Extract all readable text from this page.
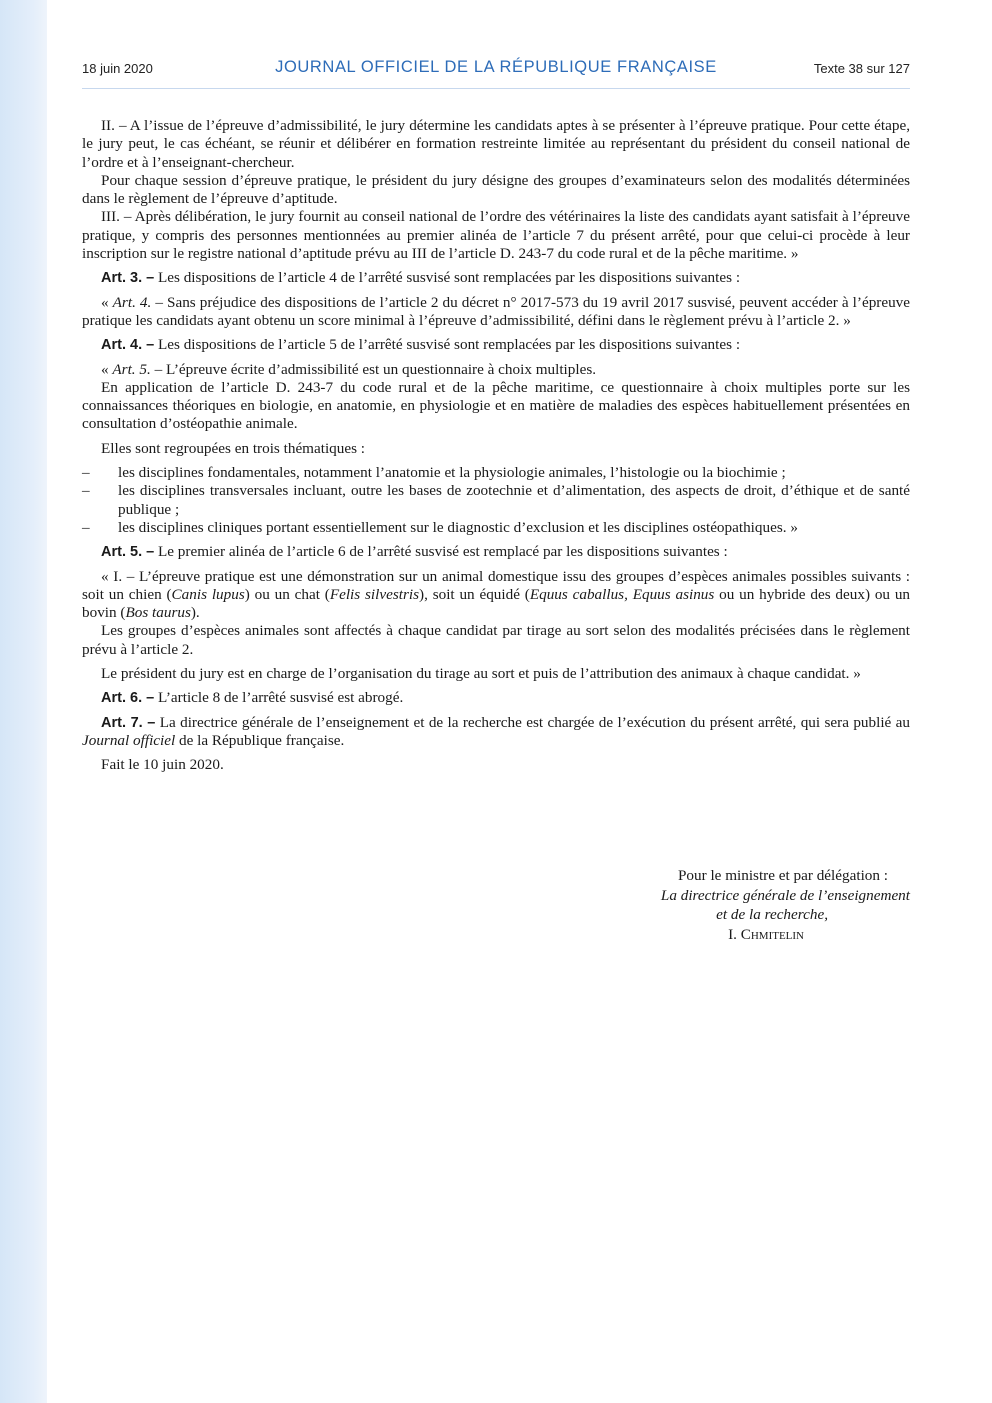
18 juin 2020	JOURNAL OFFICIEL DE LA RÉPUBLIQUE FRANÇAISE	Texte 38 sur 127

II. – A l’issue de l’épreuve d’admissibilité, le jury détermine les candidats aptes à se présenter à l’épreuve pratique. Pour cette étape, le jury peut, le cas échéant, se réunir et délibérer en formation restreinte limitée au représentant du président du conseil national de l’ordre et à l’enseignant-chercheur.

Pour chaque session d’épreuve pratique, le président du jury désigne des groupes d’examinateurs selon des modalités déterminées dans le règlement de l’épreuve d’aptitude.

III. – Après délibération, le jury fournit au conseil national de l’ordre des vétérinaires la liste des candidats ayant satisfait à l’épreuve pratique, y compris des personnes mentionnées au premier alinéa de l’article 7 du présent arrêté, pour que celui-ci procède à leur inscription sur le registre national d’aptitude prévu au III de l’article D. 243-7 du code rural et de la pêche maritime. »

Art. 3. – Les dispositions de l’article 4 de l’arrêté susvisé sont remplacées par les dispositions suivantes :

« Art. 4. – Sans préjudice des dispositions de l’article 2 du décret n° 2017-573 du 19 avril 2017 susvisé, peuvent accéder à l’épreuve pratique les candidats ayant obtenu un score minimal à l’épreuve d’admissibilité, défini dans le règlement prévu à l’article 2. »

Art. 4. – Les dispositions de l’article 5 de l’arrêté susvisé sont remplacées par les dispositions suivantes :

« Art. 5. – L’épreuve écrite d’admissibilité est un questionnaire à choix multiples.

En application de l’article D. 243-7 du code rural et de la pêche maritime, ce questionnaire à choix multiples porte sur les connaissances théoriques en biologie, en anatomie, en physiologie et en matière de maladies des espèces habituellement présentées en consultation d’ostéopathie animale.

Elles sont regroupées en trois thématiques :

– les disciplines fondamentales, notamment l’anatomie et la physiologie animales, l’histologie ou la biochimie ;
– les disciplines transversales incluant, outre les bases de zootechnie et d’alimentation, des aspects de droit, d’éthique et de santé publique ;
– les disciplines cliniques portant essentiellement sur le diagnostic d’exclusion et les disciplines ostéopathiques. »

Art. 5. – Le premier alinéa de l’article 6 de l’arrêté susvisé est remplacé par les dispositions suivantes :

« I. – L’épreuve pratique est une démonstration sur un animal domestique issu des groupes d’espèces animales possibles suivants : soit un chien (Canis lupus) ou un chat (Felis silvestris), soit un équidé (Equus caballus, Equus asinus ou un hybride des deux) ou un bovin (Bos taurus).

Les groupes d’espèces animales sont affectés à chaque candidat par tirage au sort selon des modalités précisées dans le règlement prévu à l’article 2.

Le président du jury est en charge de l’organisation du tirage au sort et puis de l’attribution des animaux à chaque candidat. »

Art. 6. – L’article 8 de l’arrêté susvisé est abrogé.

Art. 7. – La directrice générale de l’enseignement et de la recherche est chargée de l’exécution du présent arrêté, qui sera publié au Journal officiel de la République française.

Fait le 10 juin 2020.

Pour le ministre et par délégation :
La directrice générale de l’enseignement
et de la recherche,
I. Chmitelin
